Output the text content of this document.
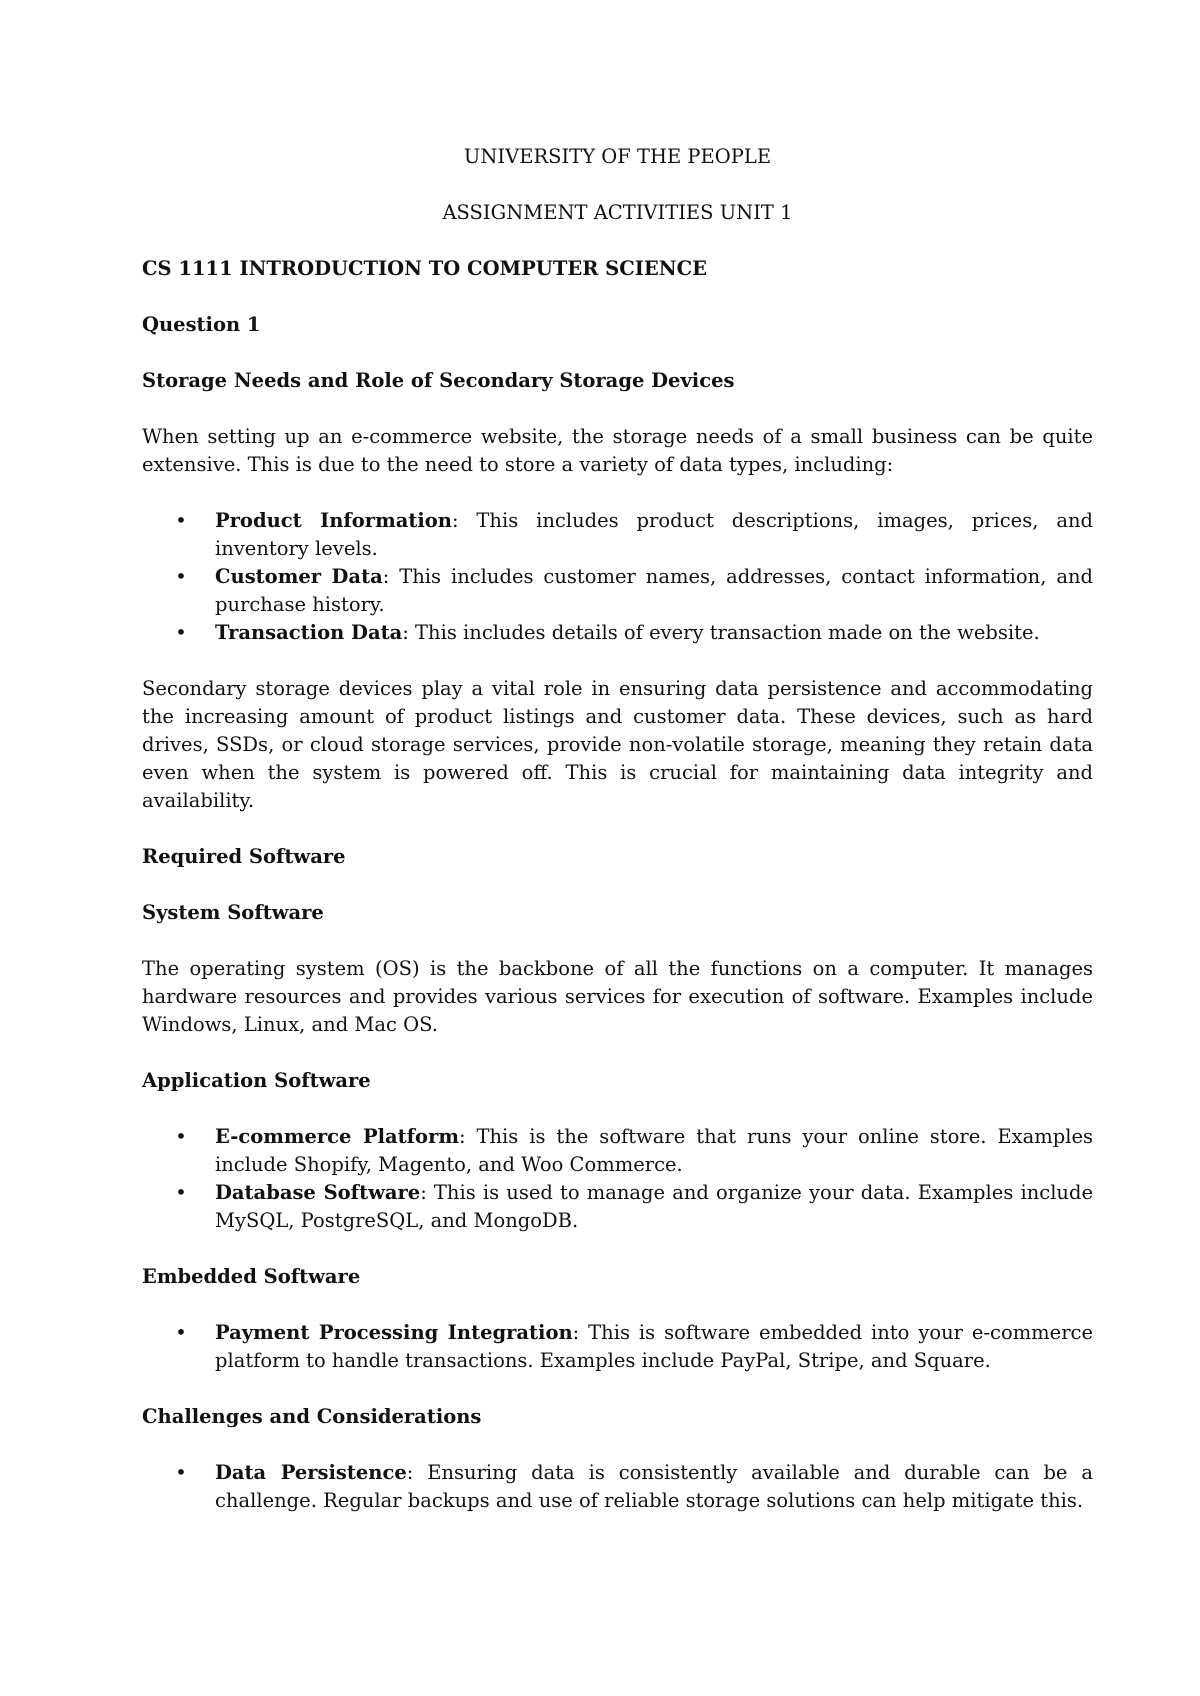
UNIVERSITY OF THE PEOPLE

ASSIGNMENT ACTIVITIES UNIT 1

CS 1111 INTRODUCTION TO COMPUTER SCIENCE

Question 1

Storage Needs and Role of Secondary Storage Devices

When setting up an e-commerce website, the storage needs of a small business can be quite extensive. This is due to the need to store a variety of data types, including:

• Product Information: This includes product descriptions, images, prices, and inventory levels.
• Customer Data: This includes customer names, addresses, contact information, and purchase history.
• Transaction Data: This includes details of every transaction made on the website.

Secondary storage devices play a vital role in ensuring data persistence and accommodating the increasing amount of product listings and customer data. These devices, such as hard drives, SSDs, or cloud storage services, provide non-volatile storage, meaning they retain data even when the system is powered off. This is crucial for maintaining data integrity and availability.

Required Software

System Software

The operating system (OS) is the backbone of all the functions on a computer. It manages hardware resources and provides various services for execution of software. Examples include Windows, Linux, and Mac OS.

Application Software

• E-commerce Platform: This is the software that runs your online store. Examples include Shopify, Magento, and Woo Commerce.
• Database Software: This is used to manage and organize your data. Examples include MySQL, PostgreSQL, and MongoDB.

Embedded Software

• Payment Processing Integration: This is software embedded into your e-commerce platform to handle transactions. Examples include PayPal, Stripe, and Square.

Challenges and Considerations

• Data Persistence: Ensuring data is consistently available and durable can be a challenge. Regular backups and use of reliable storage solutions can help mitigate this.
